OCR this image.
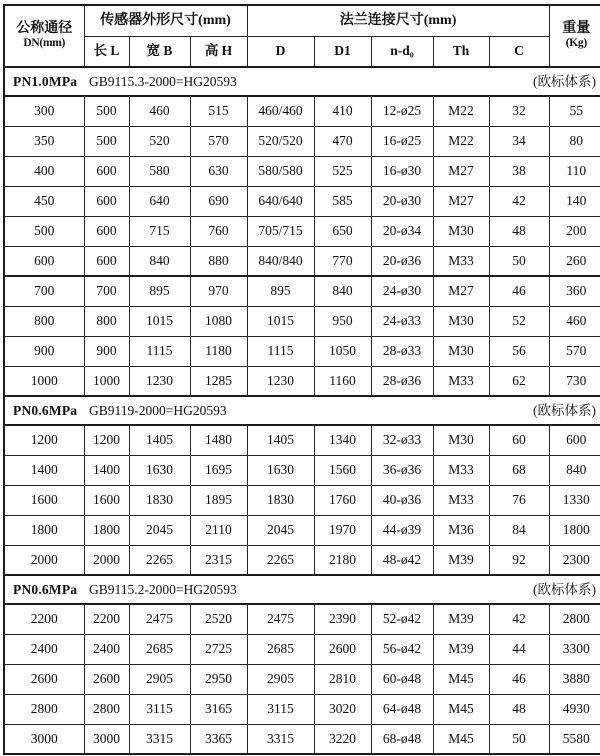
公称通径
DN(mm)
	传感器外形尺寸(mm)	法兰连接尺寸(mm)	
重量
(Kg)

	长 L	宽 B	高 H	D	D1	n-d₀	Th	C	

PN1.0MPa GB9115.3-2000=HG20593 (欧标体系)									

300	500	460	515	460/460	410	12-ø25	M22	32	55
350	500	520	570	520/520	470	16-ø25	M22	34	80
400	600	580	630	580/580	525	16-ø30	M27	38	110
450	600	640	690	640/640	585	20-ø30	M27	42	140
500	600	715	760	705/715	650	20-ø34	M30	48	200
600	600	840	880	840/840	770	20-ø36	M33	50	260
700	700	895	970	895	840	24-ø30	M27	46	360
800	800	1015	1080	1015	950	24-ø33	M30	52	460
900	900	1115	1180	1115	1050	28-ø33	M30	56	570
1000	1000	1230	1285	1230	1160	28-ø36	M33	62	730

PN0.6MPa GB9119-2000=HG20593 (欧标体系)									

1200	1200	1405	1480	1405	1340	32-ø33	M30	60	600
1400	1400	1630	1695	1630	1560	36-ø36	M33	68	840
1600	1600	1830	1895	1830	1760	40-ø36	M33	76	1330
1800	1800	2045	2110	2045	1970	44-ø39	M36	84	1800
2000	2000	2265	2315	2265	2180	48-ø42	M39	92	2300

PN0.6MPa GB9115.2-2000=HG20593 (欧标体系)									

2200	2200	2475	2520	2475	2390	52-ø42	M39	42	2800
2400	2400	2685	2725	2685	2600	56-ø42	M39	44	3300
2600	2600	2905	2950	2905	2810	60-ø48	M45	46	3880
2800	2800	3115	3165	3115	3020	64-ø48	M45	48	4930
3000	3000	3315	3365	3315	3220	68-ø48	M45	50	5580
